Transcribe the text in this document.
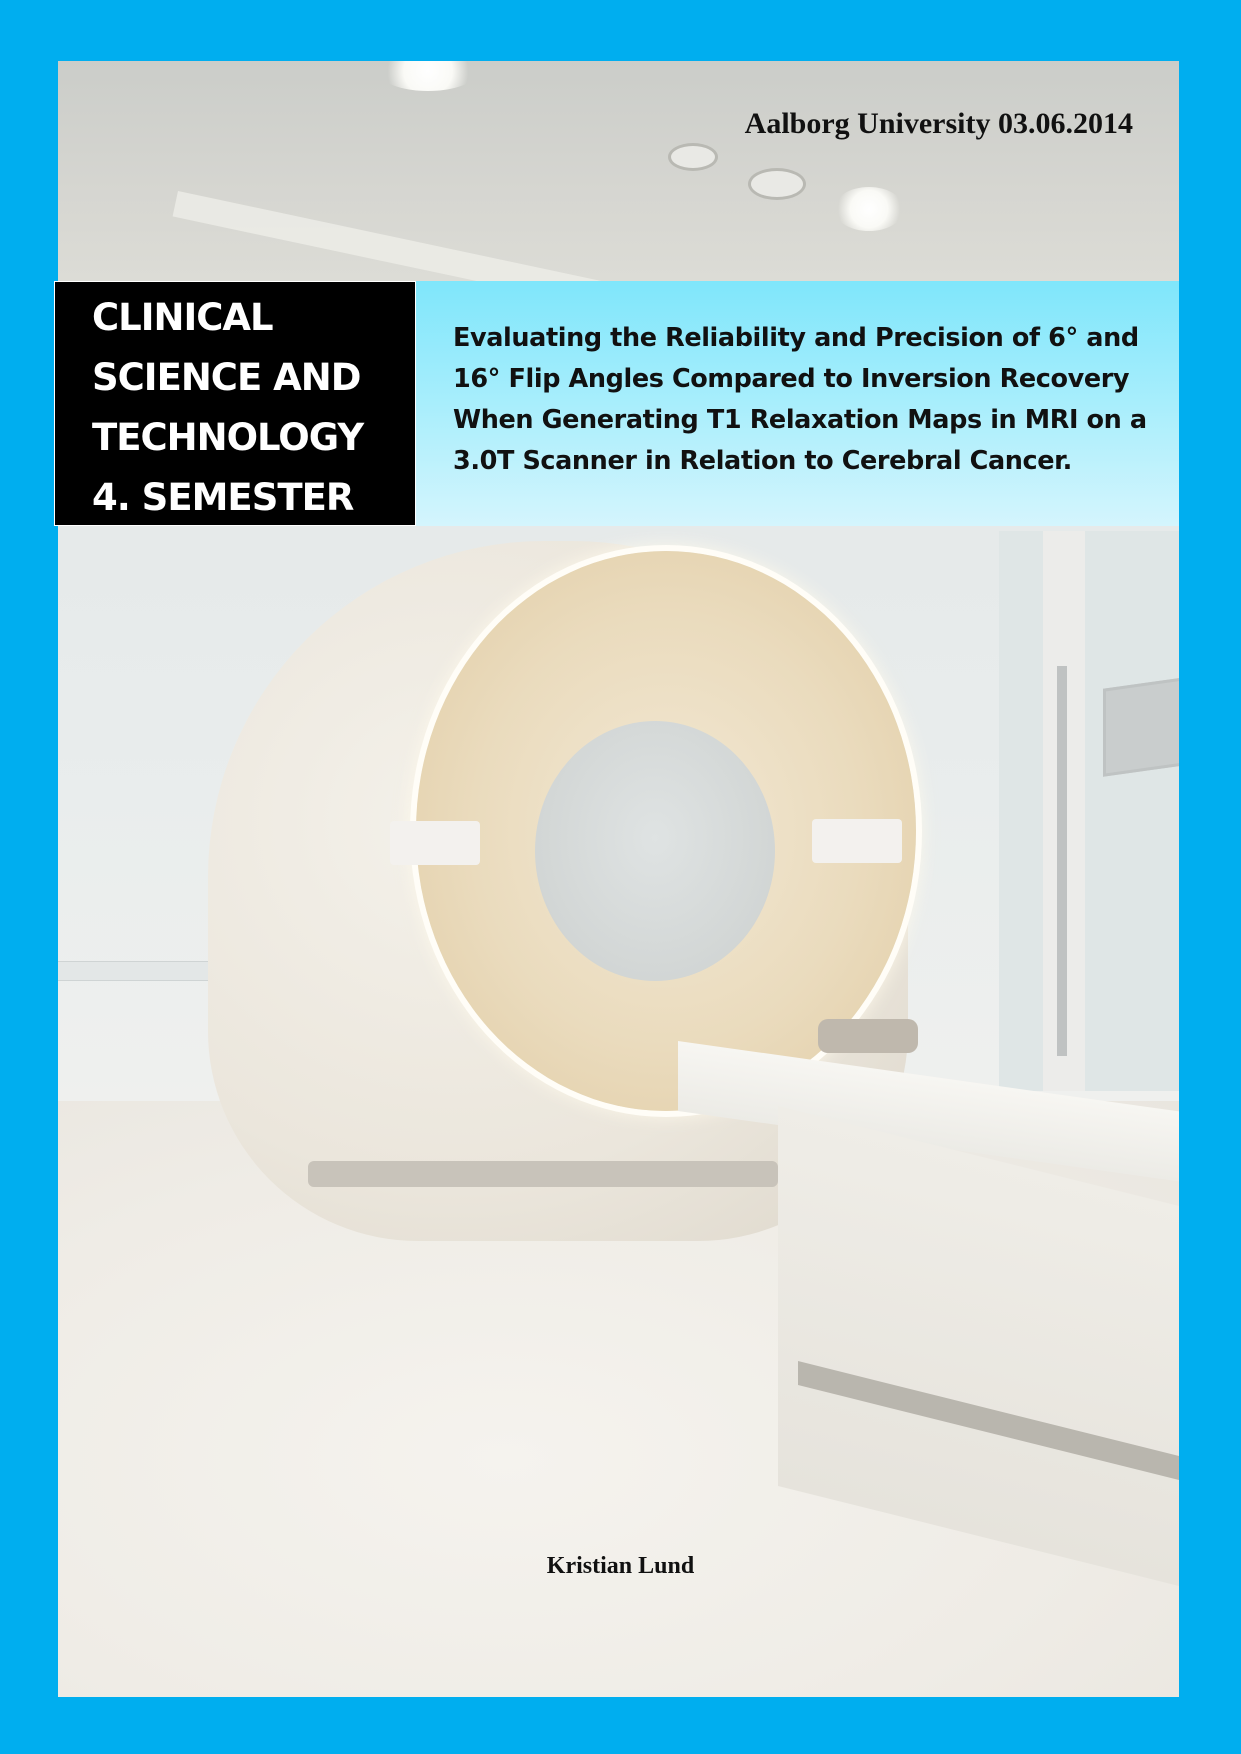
Aalborg University 03.06.2014

CLINICAL
SCIENCE AND
TECHNOLOGY
4. SEMESTER

Evaluating the Reliability and Precision of 6° and 16° Flip Angles Compared to Inversion Recovery When Generating T1 Relaxation Maps in MRI on a 3.0T Scanner in Relation to Cerebral Cancer.

Kristian Lund
